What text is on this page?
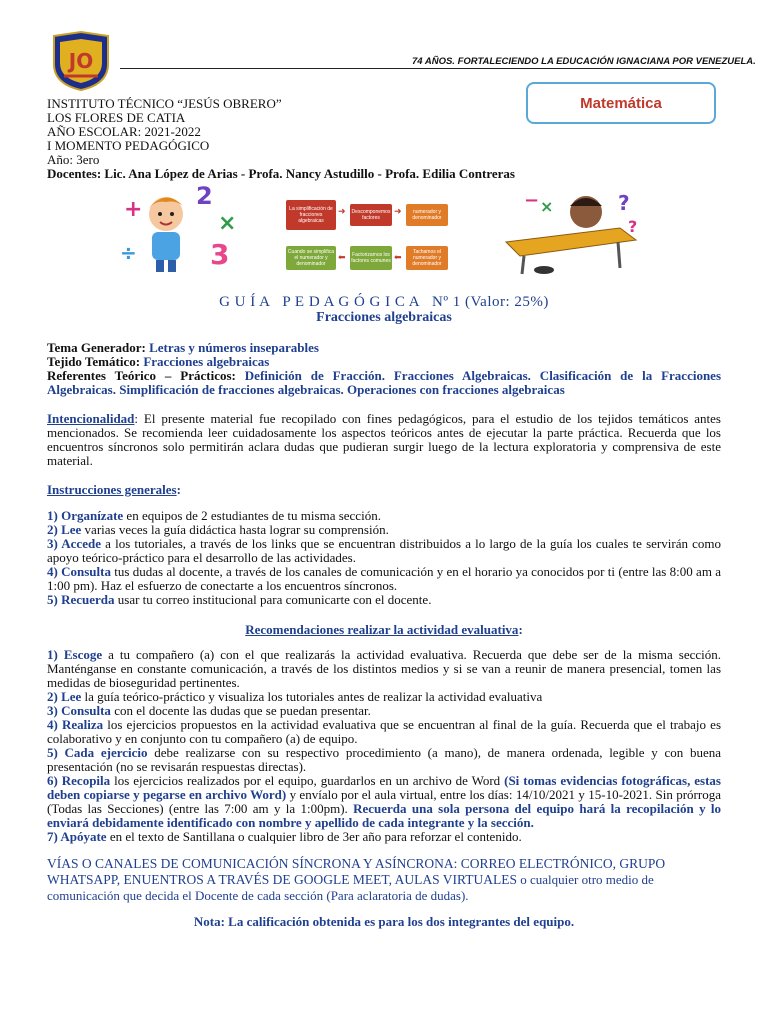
JO	74 AÑOS. FORTALECIENDO LA EDUCACIÓN IGNACIANA POR VENEZUELA.
Matemática
INSTITUTO TÉCNICO “JESÚS OBRERO”
LOS FLORES DE CATIA
AÑO ESCOLAR: 2021-2022
I MOMENTO PEDAGÓGICO
Año: 3ero
Docentes: Lic. Ana López de Arias - Profa. Nancy Astudillo - Profa. Edilia Contreras
+
÷
2
×
3
La simplificación de fracciones algebraicas
➜	Descomponemos factores
➜	numerador y denominador
Cuando se simplifica el numerador y denominador
⬅	Factorizamos los factores comunes ⬅	Tachamos el numerador y denominador
− ×	?
?
G U Í A   P E D A G Ó G I C A   Nº 1 (Valor: 25%)
Fracciones algebraicas
Tema Generador: Letras y números inseparables
Tejido Temático: Fracciones algebraicas
Referentes Teórico – Prácticos: Definición de Fracción. Fracciones Algebraicas. Clasificación de la Fracciones Algebraicas. Simplificación de fracciones algebraicas. Operaciones con fracciones algebraicas
Intencionalidad: El presente material fue recopilado con fines pedagógicos, para el estudio de los tejidos temáticos antes mencionados. Se recomienda leer cuidadosamente los aspectos teóricos antes de ejecutar la parte práctica. Recuerda que los encuentros síncronos solo permitirán aclara dudas que pudieran surgir luego de la lectura exploratoria y comprensiva de este material.
Instrucciones generales:
1) Organízate en equipos de 2 estudiantes de tu misma sección.
2) Lee varias veces la guía didáctica hasta lograr su comprensión.
3) Accede a los tutoriales, a través de los links que se encuentran distribuidos a lo largo de la guía los cuales te servirán como apoyo teórico-práctico para el desarrollo de las actividades.
4) Consulta tus dudas al docente, a través de los canales de comunicación y en el horario ya conocidos por ti (entre las 8:00 am a 1:00 pm). Haz el esfuerzo de conectarte a los encuentros síncronos.
5) Recuerda usar tu correo institucional para comunicarte con el docente.
Recomendaciones realizar la actividad evaluativa:
1) Escoge a tu compañero (a) con el que realizarás la actividad evaluativa. Recuerda que debe ser de la misma sección. Manténganse en constante comunicación, a través de los distintos medios y si se van a reunir de manera presencial, tomen las medidas de bioseguridad pertinentes.
2) Lee la guía teórico-práctico y visualiza los tutoriales antes de realizar la actividad evaluativa
3) Consulta con el docente las dudas que se puedan presentar.
4) Realiza los ejercicios propuestos en la actividad evaluativa que se encuentran al final de la guía. Recuerda que el trabajo es colaborativo y en conjunto con tu compañero (a) de equipo.
5) Cada ejercicio debe realizarse con su respectivo procedimiento (a mano), de manera ordenada, legible y con buena presentación (no se revisarán respuestas directas).
6) Recopila los ejercicios realizados por el equipo, guardarlos en un archivo de Word (Si tomas evidencias fotográficas, estas deben copiarse y pegarse en archivo Word) y envíalo por el aula virtual, entre los días: 14/10/2021 y 15-10-2021. Sin prórroga (Todas las Secciones) (entre las 7:00 am y la 1:00pm). Recuerda una sola persona del equipo hará la recopilación y lo enviará debidamente identificado con nombre y apellido de cada integrante y la sección.
7) Apóyate en el texto de Santillana o cualquier libro de 3er año para reforzar el contenido.
VÍAS O CANALES DE COMUNICACIÓN SÍNCRONA Y ASÍNCRONA: CORREO ELECTRÓNICO, GRUPO WHATSAPP, ENUENTROS A TRAVÉS DE GOOGLE MEET, AULAS VIRTUALES o cualquier otro medio de comunicación que decida el Docente de cada sección (Para aclaratoria de dudas).
Nota: La calificación obtenida es para los dos integrantes del equipo.
